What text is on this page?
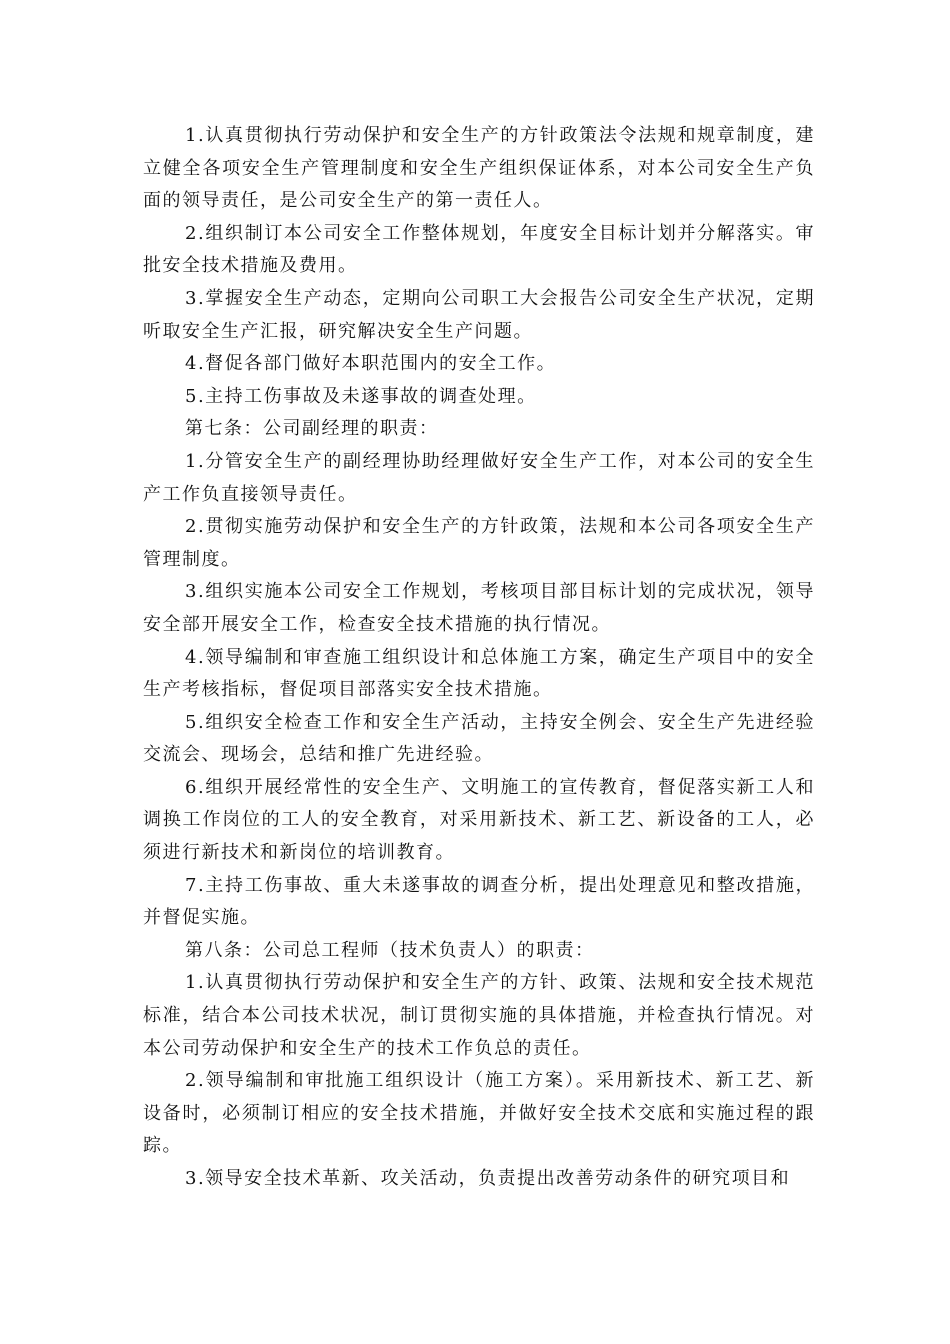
1.认真贯彻执行劳动保护和安全生产的方针政策法令法规和规章制度，建立健全各项安全生产管理制度和安全生产组织保证体系，对本公司安全生产负面的领导责任，是公司安全生产的第一责任人。

2.组织制订本公司安全工作整体规划，年度安全目标计划并分解落实。审批安全技术措施及费用。

3.掌握安全生产动态，定期向公司职工大会报告公司安全生产状况，定期听取安全生产汇报，研究解决安全生产问题。

4.督促各部门做好本职范围内的安全工作。

5.主持工伤事故及未遂事故的调查处理。

第七条：公司副经理的职责：

1.分管安全生产的副经理协助经理做好安全生产工作，对本公司的安全生产工作负直接领导责任。

2.贯彻实施劳动保护和安全生产的方针政策，法规和本公司各项安全生产管理制度。

3.组织实施本公司安全工作规划，考核项目部目标计划的完成状况，领导安全部开展安全工作，检查安全技术措施的执行情况。

4.领导编制和审查施工组织设计和总体施工方案，确定生产项目中的安全生产考核指标，督促项目部落实安全技术措施。

5.组织安全检查工作和安全生产活动，主持安全例会、安全生产先进经验交流会、现场会，总结和推广先进经验。

6.组织开展经常性的安全生产、文明施工的宣传教育，督促落实新工人和调换工作岗位的工人的安全教育，对采用新技术、新工艺、新设备的工人，必须进行新技术和新岗位的培训教育。

7.主持工伤事故、重大未遂事故的调查分析，提出处理意见和整改措施，并督促实施。

第八条：公司总工程师（技术负责人）的职责：

1.认真贯彻执行劳动保护和安全生产的方针、政策、法规和安全技术规范标准，结合本公司技术状况，制订贯彻实施的具体措施，并检查执行情况。对本公司劳动保护和安全生产的技术工作负总的责任。

2.领导编制和审批施工组织设计（施工方案）。采用新技术、新工艺、新设备时，必须制订相应的安全技术措施，并做好安全技术交底和实施过程的跟踪。

3.领导安全技术革新、攻关活动，负责提出改善劳动条件的研究项目和
